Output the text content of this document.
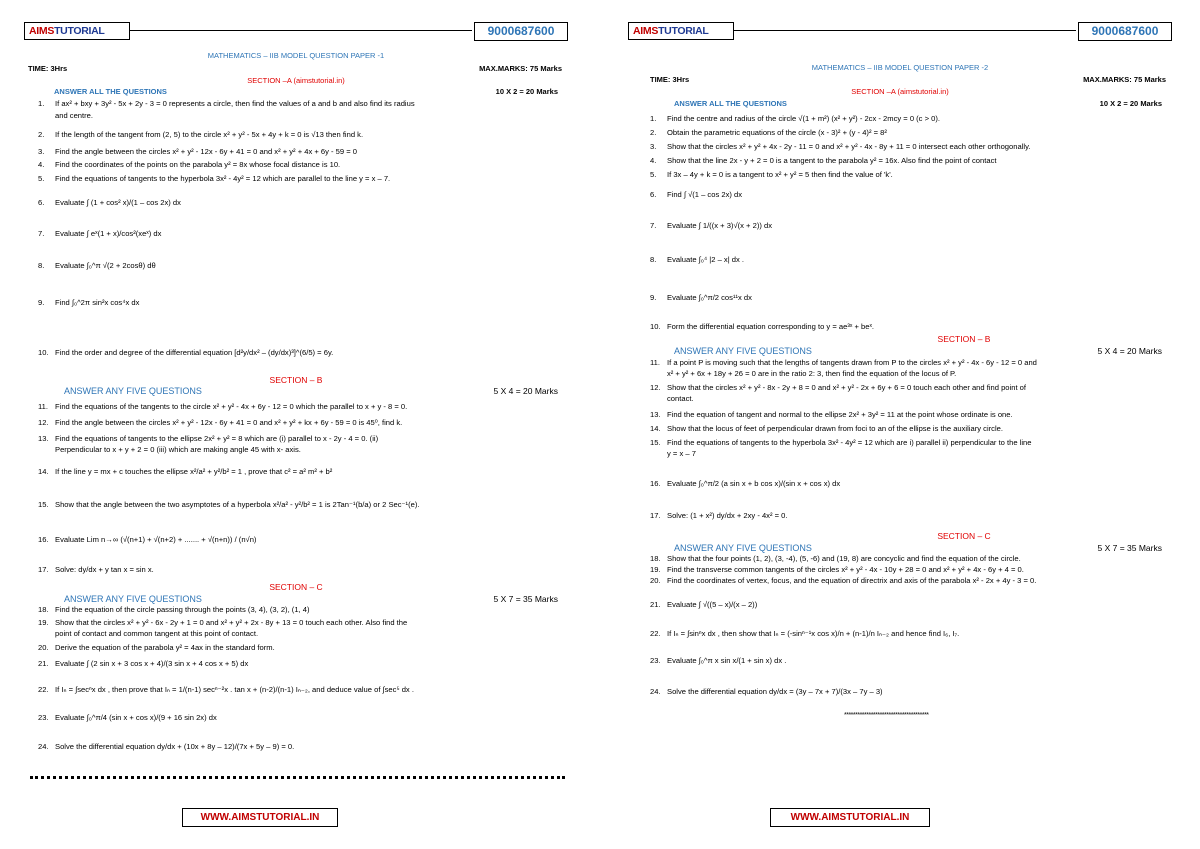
AIMSTUTORIAL	9000687600
MATHEMATICS – IIB MODEL QUESTION PAPER -1
TIME: 3Hrs	MAX.MARKS: 75 Marks
SECTION –A (aimstutorial.in)
ANSWER ALL THE QUESTIONS	10 X 2 = 20 Marks
1. If ax² + bxy + 3y² - 5x + 2y - 3 = 0 represents a circle, then find the values of a and b and also find its radius
and centre.
2. If the length of the tangent from (2, 5) to the circle x² + y² - 5x + 4y + k = 0 is √13 then find k.
3. Find the angle between the circles x² + y² - 12x - 6y + 41 = 0 and x² + y² + 4x + 6y - 59 = 0
4. Find the coordinates of the points on the parabola y² = 8x whose focal distance is 10.
5. Find the equations of tangents to the hyperbola 3x² - 4y² = 12 which are parallel to the line y = x – 7.
6. Evaluate ∫ (1 + cos² x)/(1 – cos 2x) dx
7. Evaluate ∫ eˣ(1 + x)/cos²(xeˣ) dx
8. Evaluate ∫₀^π √(2 + 2cosθ) dθ
9. Find ∫₀^2π sin²x cos⁴x dx
10. Find the order and degree of the differential equation [d²y/dx² – (dy/dx)³]^(6/5) = 6y.
SECTION – B
ANSWER ANY FIVE QUESTIONS	5 X 4 = 20 Marks
11. Find the equations of the tangents to the circle x² + y² - 4x + 6y - 12 = 0 which the parallel to x + y - 8 = 0.
12. Find the angle between the circles x² + y² - 12x - 6y + 41 = 0 and x² + y² + kx + 6y - 59 = 0 is 45⁰, find k.
13. Find the equations of tangents to the ellipse 2x² + y² = 8 which are (i) parallel to x - 2y - 4 = 0. (ii)
Perpendicular to x + y + 2 = 0 (iii) which are making angle 45 with x- axis.
14. If the line y = mx + c touches the ellipse x²/a² + y²/b² = 1 , prove that c² = a² m² + b²
15. Show that the angle between the two asymptotes of a hyperbola x²/a² - y²/b² = 1 is 2Tan⁻¹(b/a) or 2 Sec⁻¹(e).
16. Evaluate Lim n→∞ (√(n+1) + √(n+2) + ....... + √(n+n)) / (n√n)
17. Solve: dy/dx + y tan x = sin x.
SECTION – C
ANSWER ANY FIVE QUESTIONS	5 X 7 = 35 Marks
18. Find the equation of the circle passing through the points (3, 4), (3, 2), (1, 4)
19. Show that the circles x² + y² - 6x - 2y + 1 = 0 and x² + y² + 2x - 8y + 13 = 0 touch each other. Also find the
point of contact and common tangent at this point of contact.
20. Derive the equation of the parabola y² = 4ax in the standard form.
21. Evaluate ∫ (2 sin x + 3 cos x + 4)/(3 sin x + 4 cos x + 5) dx
22. If Iₙ = ∫secⁿx dx , then prove that Iₙ = 1/(n-1) secⁿ⁻²x . tan x + (n-2)/(n-1) Iₙ₋₂, and deduce value of ∫sec⁵ dx .
23. Evaluate ∫₀^π/4 (sin x + cos x)/(9 + 16 sin 2x) dx
24. Solve the differential equation dy/dx + (10x + 8y – 12)/(7x + 5y – 9) = 0.
WWW.AIMSTUTORIAL.IN
AIMSTUTORIAL	9000687600
MATHEMATICS – IIB MODEL QUESTION PAPER -2
TIME: 3Hrs	MAX.MARKS: 75 Marks
SECTION –A (aimstutorial.in)
ANSWER ALL THE QUESTIONS	10 X 2 = 20 Marks
1. Find the centre and radius of the circle √(1 + m²) (x² + y²) - 2cx - 2mcy = 0 (c > 0).
2. Obtain the parametric equations of the circle (x - 3)² + (y - 4)² = 8²
3. Show that the circles x² + y² + 4x - 2y - 11 = 0 and x² + y² - 4x - 8y + 11 = 0 intersect each other orthogonally.
4. Show that the line 2x - y + 2 = 0 is a tangent to the parabola y² = 16x. Also find the point of contact
5. If 3x – 4y + k = 0 is a tangent to x² + y² = 5 then find the value of 'k'.
6. Find ∫ √(1 – cos 2x) dx
7. Evaluate ∫ 1/((x + 3)√(x + 2)) dx
8. Evaluate ∫₀⁴ |2 – x| dx .
9. Evaluate ∫₀^π/2 cos¹¹x dx
10. Form the differential equation corresponding to y = ae³ˣ + beˣ.
SECTION – B
ANSWER ANY FIVE QUESTIONS	5 X 4 = 20 Marks
11. If a point P is moving such that the lengths of tangents drawn from P to the circles x² + y² - 4x - 6y - 12 = 0 and
x² + y² + 6x + 18y + 26 = 0 are in the ratio 2: 3, then find the equation of the locus of P.
12. Show that the circles x² + y² - 8x - 2y + 8 = 0 and x² + y² - 2x + 6y + 6 = 0 touch each other and find point of
contact.
13. Find the equation of tangent and normal to the ellipse 2x² + 3y² = 11 at the point whose ordinate is one.
14. Show that the locus of feet of perpendicular drawn from foci to an of the ellipse is the auxiliary circle.
15. Find the equations of tangents to the hyperbola 3x² - 4y² = 12 which are i) parallel ii) perpendicular to the line
y = x – 7
16. Evaluate ∫₀^π/2 (a sin x + b cos x)/(sin x + cos x) dx
17. Solve: (1 + x²) dy/dx + 2xy - 4x² = 0.
SECTION – C
ANSWER ANY FIVE QUESTIONS	5 X 7 = 35 Marks
18. Show that the four points (1, 2), (3, -4), (5, -6) and (19, 8) are concyclic and find the equation of the circle.
19. Find the transverse common tangents of the circles x² + y² - 4x - 10y + 28 = 0 and x² + y² + 4x - 6y + 4 = 0.
20. Find the coordinates of vertex, focus, and the equation of directrix and axis of the parabola x² - 2x + 4y - 3 = 0.
21. Evaluate ∫ √((5 – x)/(x – 2))
22. If Iₙ = ∫sinⁿx dx , then show that Iₙ = (-sinⁿ⁻¹x cos x)/n + (n-1)/n Iₙ₋₂ and hence find I₆, I₇.
23. Evaluate ∫₀^π x sin x/(1 + sin x) dx .
24. Solve the differential equation dy/dx = (3y – 7x + 7)/(3x – 7y – 3)
**************************************
WWW.AIMSTUTORIAL.IN
